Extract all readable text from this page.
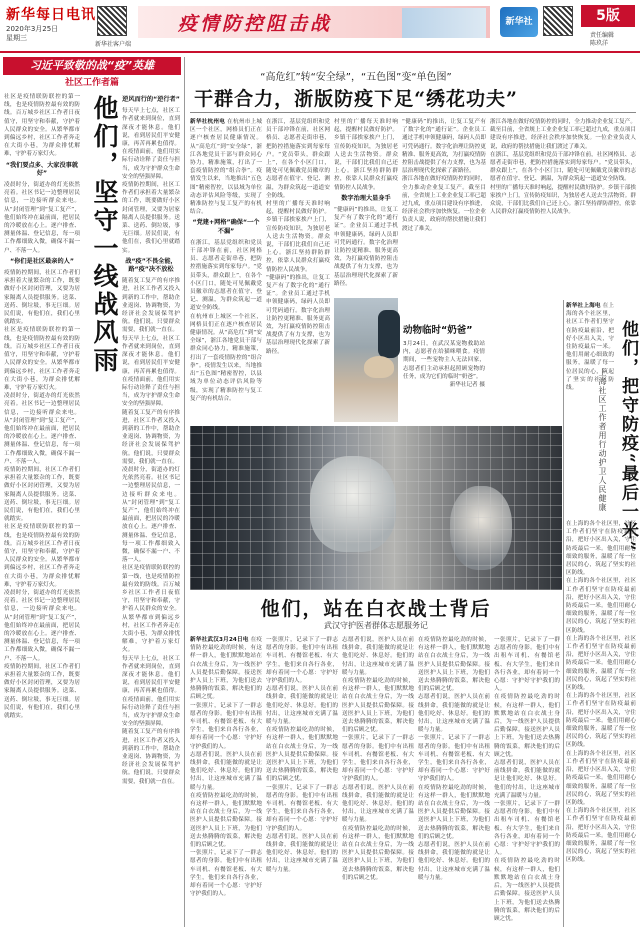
新华每日电讯
2020年3月25日
星期三
新华社客户端
疫情防控阻击战	新华社	5版
责任编辑
陈玖洋
习近平致敬的战“疫”英雄
社区工作者篇

社区是疫情联防联控的第一线，也是疫情防控最有效的防线。百万城乡社区工作者日夜值守，用坚守和奉献，守护着人民群众的安全。从繁华都市到偏远乡村，社区工作者奔走在大街小巷，为群众排忧解难，守护着万家灯火。

“我们要点多、大家没事就好”

凌晨时分，街道办的灯光依然亮着。社区书记一边整理居民信息，一边接听群众来电。从“封闭管理”到“复工复产”，他们始终冲在最前面，把居民的冷暖放在心上。逐户排查、测量体温、登记信息，每一项工作都细致入微，确保不漏一户、不落一人。

“你们是社区最亲的人”

疫情防控期间，社区工作者们承担着大量繁杂的工作，既要做好小区封闭管理，又要为居家隔离人员提供服务。送菜、送药、倒垃圾，事无巨细。居民们说，有他们在，我们心里就踏实。

社区是疫情联防联控的第一线，也是疫情防控最有效的防线。百万城乡社区工作者日夜值守，用坚守和奉献，守护着人民群众的安全。从繁华都市到偏远乡村，社区工作者奔走在大街小巷，为群众排忧解难，守护着万家灯火。

凌晨时分，街道办的灯光依然亮着。社区书记一边整理居民信息，一边接听群众来电。从“封闭管理”到“复工复产”，他们始终冲在最前面，把居民的冷暖放在心上。逐户排查、测量体温、登记信息，每一项工作都细致入微，确保不漏一户、不落一人。

疫情防控期间，社区工作者们承担着大量繁杂的工作，既要做好小区封闭管理，又要为居家隔离人员提供服务。送菜、送药、倒垃圾，事无巨细。居民们说，有他们在，我们心里就踏实。

社区是疫情联防联控的第一线，也是疫情防控最有效的防线。百万城乡社区工作者日夜值守，用坚守和奉献，守护着人民群众的安全。从繁华都市到偏远乡村，社区工作者奔走在大街小巷，为群众排忧解难，守护着万家灯火。

凌晨时分，街道办的灯光依然亮着。社区书记一边整理居民信息，一边接听群众来电。从“封闭管理”到“复工复产”，他们始终冲在最前面，把居民的冷暖放在心上。逐户排查、测量体温、登记信息，每一项工作都细致入微，确保不漏一户、不落一人。

疫情防控期间，社区工作者们承担着大量繁杂的工作，既要做好小区封闭管理，又要为居家隔离人员提供服务。送菜、送药、倒垃圾，事无巨细。居民们说，有他们在，我们心里就踏实。

他们，坚守一线战风雨 逆风而行的“逆行者”

每天早上七点，社区工作者就来到岗位，直到深夜才能休息。他们说，看到居民们平安健康，再苦再累也值得。在疫情面前，他们用实际行动诠释了责任与担当，成为守护群众生命安全的坚强屏障。

疫情防控期间，社区工作者们承担着大量繁杂的工作，既要做好小区封闭管理，又要为居家隔离人员提供服务。送菜、送药、倒垃圾，事无巨细。居民们说，有他们在，我们心里就踏实。

战“疫”不畏全能，路“疫”决不放松

随着复工复产的有序推进，社区工作者又投入到新的工作中，帮助企业返岗、协调物资，为经济社会发展保驾护航。他们说，只要群众需要，我们就一直在。

每天早上七点，社区工作者就来到岗位，直到深夜才能休息。他们说，看到居民们平安健康，再苦再累也值得。在疫情面前，他们用实际行动诠释了责任与担当，成为守护群众生命安全的坚强屏障。

随着复工复产的有序推进，社区工作者又投入到新的工作中，帮助企业返岗、协调物资，为经济社会发展保驾护航。他们说，只要群众需要，我们就一直在。

凌晨时分，街道办的灯光依然亮着。社区书记一边整理居民信息，一边接听群众来电。从“封闭管理”到“复工复产”，他们始终冲在最前面，把居民的冷暖放在心上。逐户排查、测量体温、登记信息，每一项工作都细致入微，确保不漏一户、不落一人。

社区是疫情联防联控的第一线，也是疫情防控最有效的防线。百万城乡社区工作者日夜值守，用坚守和奉献，守护着人民群众的安全。从繁华都市到偏远乡村，社区工作者奔走在大街小巷，为群众排忧解难，守护着万家灯火。

每天早上七点，社区工作者就来到岗位，直到深夜才能休息。他们说，看到居民们平安健康，再苦再累也值得。在疫情面前，他们用实际行动诠释了责任与担当，成为守护群众生命安全的坚强屏障。

随着复工复产的有序推进，社区工作者又投入到新的工作中，帮助企业返岗、协调物资，为经济社会发展保驾护航。他们说，只要群众需要，我们就一直在。

“高危红”转“安全绿”，“五色图”变“单色图”
干群合力，浙版防疫下足“绣花功夫”
新华社杭州电 在杭州市上城区一个社区，网格员们正在逐户核查居民健康情况。从“高危红”到“安全绿”，浙江各地党员干部与群众同心协力，精准施策，打出了一套疫情防控的“组合拳”。疫情发生以来，当地推出“五色图”精密智控，以县域为单位动态评估风险等级，实现了精准防控与复工复产的有机结合。
“党建+网格”确保“一个不漏”

在浙江，基层党组织和党员干部冲锋在前，社区网格员、志愿者走街串巷，把防控措施落实到每家每户。“党员带头，群众跟上”，在各个小区门口，随处可见佩戴党员徽章的志愿者在值守、登记、测温，为群众筑起一道道安全防线。

在杭州市上城区一个社区，网格员们正在逐户核查居民健康情况。从“高危红”到“安全绿”，浙江各地党员干部与群众同心协力，精准施策，打出了一套疫情防控的“组合拳”。疫情发生以来，当地推出“五色图”精密智控，以县域为单位动态评估风险等级，实现了精准防控与复工复产的有机结合。

在浙江，基层党组织和党员干部冲锋在前，社区网格员、志愿者走街串巷，把防控措施落实到每家每户。“党员带头，群众跟上”，在各个小区门口，随处可见佩戴党员徽章的志愿者在值守、登记、测温，为群众筑起一道道安全防线。

村里的广播每天准时响起，提醒村民做好防护。乡镇干部挨家挨户上门，宣传防疫知识，为独居老人送去生活物资。群众说，干部们比我们自己还上心。浙江坚持群防群控，依靠人民群众打赢疫情防控人民战争。

“健康码”的推出，让复工复产有了数字化的“通行证”。企业员工通过手机申领健康码，绿码人员即可凭码通行。数字化治理让防控更精准、服务更高效，为打赢疫情防控阻击战提供了有力支撑，也为基层治理现代化探索了新路径。

村里的广播每天准时响起，提醒村民做好防护。乡镇干部挨家挨户上门，宣传防疫知识，为独居老人送去生活物资。群众说，干部们比我们自己还上心。浙江坚持群防群控，依靠人民群众打赢疫情防控人民战争。

数字治理大显身手

“健康码”的推出，让复工复产有了数字化的“通行证”。企业员工通过手机申领健康码，绿码人员即可凭码通行。数字化治理让防控更精准、服务更高效，为打赢疫情防控阻击战提供了有力支撑，也为基层治理现代化探索了新路径。

“健康码”的推出，让复工复产有了数字化的“通行证”。企业员工通过手机申领健康码，绿码人员即可凭码通行。数字化治理让防控更精准、服务更高效，为打赢疫情防控阻击战提供了有力支撑，也为基层治理现代化探索了新路径。

浙江各地在做好疫情防控的同时，全力推动企业复工复产。截至目前，全省规上工业企业复工率已超过九成，重点项目建设有序推进，经济社会秩序加快恢复。一位企业负责人说，政府的帮扶措施让我们渡过了难关。

浙江各地在做好疫情防控的同时，全力推动企业复工复产。截至目前，全省规上工业企业复工率已超过九成，重点项目建设有序推进，经济社会秩序加快恢复。一位企业负责人说，政府的帮扶措施让我们渡过了难关。

在浙江，基层党组织和党员干部冲锋在前，社区网格员、志愿者走街串巷，把防控措施落实到每家每户。“党员带头，群众跟上”，在各个小区门口，随处可见佩戴党员徽章的志愿者在值守、登记、测温，为群众筑起一道道安全防线。

村里的广播每天准时响起，提醒村民做好防护。乡镇干部挨家挨户上门，宣传防疫知识，为独居老人送去生活物资。群众说，干部们比我们自己还上心。浙江坚持群防群控，依靠人民群众打赢疫情防控人民战争。

动物临时“奶爸”
3月24日，在武汉某宠物救助站内，志愿者在给猫咪喂食。疫情期间，一些宠物主人无法回家，志愿者们主动承担起照顾宠物的任务，成为它们的临时“奶爸”。

新华社记者 摄

新华社上海电 在上海的各个社区里，社区工作者们坚守在防疫最前沿，把好小区出入关，守住防疫最后一米。他们用耐心细致的服务，温暖了每一位居民的心，筑起了坚实的社区防线。	他们，把守防疫“最后一米”
上海社区工作者用行动护卫人民健康

在上海的各个社区里，社区工作者们坚守在防疫最前沿，把好小区出入关，守住防疫最后一米。他们用耐心细致的服务，温暖了每一位居民的心，筑起了坚实的社区防线。

在上海的各个社区里，社区工作者们坚守在防疫最前沿，把好小区出入关，守住防疫最后一米。他们用耐心细致的服务，温暖了每一位居民的心，筑起了坚实的社区防线。

在上海的各个社区里，社区工作者们坚守在防疫最前沿，把好小区出入关，守住防疫最后一米。他们用耐心细致的服务，温暖了每一位居民的心，筑起了坚实的社区防线。

在上海的各个社区里，社区工作者们坚守在防疫最前沿，把好小区出入关，守住防疫最后一米。他们用耐心细致的服务，温暖了每一位居民的心，筑起了坚实的社区防线。

在上海的各个社区里，社区工作者们坚守在防疫最前沿，把好小区出入关，守住防疫最后一米。他们用耐心细致的服务，温暖了每一位居民的心，筑起了坚实的社区防线。

在上海的各个社区里，社区工作者们坚守在防疫最前沿，把好小区出入关，守住防疫最后一米。他们用耐心细致的服务，温暖了每一位居民的心，筑起了坚实的社区防线。

他们，站在白衣战士背后
武汉守护医者群体志愿服务记
新华社武汉3月24日电 在疫情防控最吃劲的时候，有这样一群人，他们默默地站在白衣战士身后，为一线医护人员提供后勤保障。接送医护人员上下班，为他们送去热腾腾的饭菜，解决他们的后顾之忧。

一张照片，记录下了一群志愿者的身影。他们中有出租车司机、有餐馆老板、有大学生，他们来自各行各业，却有着同一个心愿：守护好守护我们的人。

志愿者们说，医护人员在前线拼命，我们能做的就是让他们吃好、休息好。他们的付出，让这座城市充满了温暖与力量。

在疫情防控最吃劲的时候，有这样一群人，他们默默地站在白衣战士身后，为一线医护人员提供后勤保障。接送医护人员上下班，为他们送去热腾腾的饭菜，解决他们的后顾之忧。

一张照片，记录下了一群志愿者的身影。他们中有出租车司机、有餐馆老板、有大学生，他们来自各行各业，却有着同一个心愿：守护好守护我们的人。

一张照片，记录下了一群志愿者的身影。他们中有出租车司机、有餐馆老板、有大学生，他们来自各行各业，却有着同一个心愿：守护好守护我们的人。

志愿者们说，医护人员在前线拼命，我们能做的就是让他们吃好、休息好。他们的付出，让这座城市充满了温暖与力量。

在疫情防控最吃劲的时候，有这样一群人，他们默默地站在白衣战士身后，为一线医护人员提供后勤保障。接送医护人员上下班，为他们送去热腾腾的饭菜，解决他们的后顾之忧。

一张照片，记录下了一群志愿者的身影。他们中有出租车司机、有餐馆老板、有大学生，他们来自各行各业，却有着同一个心愿：守护好守护我们的人。

志愿者们说，医护人员在前线拼命，我们能做的就是让他们吃好、休息好。他们的付出，让这座城市充满了温暖与力量。

志愿者们说，医护人员在前线拼命，我们能做的就是让他们吃好、休息好。他们的付出，让这座城市充满了温暖与力量。

在疫情防控最吃劲的时候，有这样一群人，他们默默地站在白衣战士身后，为一线医护人员提供后勤保障。接送医护人员上下班，为他们送去热腾腾的饭菜，解决他们的后顾之忧。

一张照片，记录下了一群志愿者的身影。他们中有出租车司机、有餐馆老板、有大学生，他们来自各行各业，却有着同一个心愿：守护好守护我们的人。

志愿者们说，医护人员在前线拼命，我们能做的就是让他们吃好、休息好。他们的付出，让这座城市充满了温暖与力量。

在疫情防控最吃劲的时候，有这样一群人，他们默默地站在白衣战士身后，为一线医护人员提供后勤保障。接送医护人员上下班，为他们送去热腾腾的饭菜，解决他们的后顾之忧。

在疫情防控最吃劲的时候，有这样一群人，他们默默地站在白衣战士身后，为一线医护人员提供后勤保障。接送医护人员上下班，为他们送去热腾腾的饭菜，解决他们的后顾之忧。

志愿者们说，医护人员在前线拼命，我们能做的就是让他们吃好、休息好。他们的付出，让这座城市充满了温暖与力量。

一张照片，记录下了一群志愿者的身影。他们中有出租车司机、有餐馆老板、有大学生，他们来自各行各业，却有着同一个心愿：守护好守护我们的人。

在疫情防控最吃劲的时候，有这样一群人，他们默默地站在白衣战士身后，为一线医护人员提供后勤保障。接送医护人员上下班，为他们送去热腾腾的饭菜，解决他们的后顾之忧。

志愿者们说，医护人员在前线拼命，我们能做的就是让他们吃好、休息好。他们的付出，让这座城市充满了温暖与力量。

一张照片，记录下了一群志愿者的身影。他们中有出租车司机、有餐馆老板、有大学生，他们来自各行各业，却有着同一个心愿：守护好守护我们的人。

在疫情防控最吃劲的时候，有这样一群人，他们默默地站在白衣战士身后，为一线医护人员提供后勤保障。接送医护人员上下班，为他们送去热腾腾的饭菜，解决他们的后顾之忧。

志愿者们说，医护人员在前线拼命，我们能做的就是让他们吃好、休息好。他们的付出，让这座城市充满了温暖与力量。

一张照片，记录下了一群志愿者的身影。他们中有出租车司机、有餐馆老板、有大学生，他们来自各行各业，却有着同一个心愿：守护好守护我们的人。

在疫情防控最吃劲的时候，有这样一群人，他们默默地站在白衣战士身后，为一线医护人员提供后勤保障。接送医护人员上下班，为他们送去热腾腾的饭菜，解决他们的后顾之忧。
